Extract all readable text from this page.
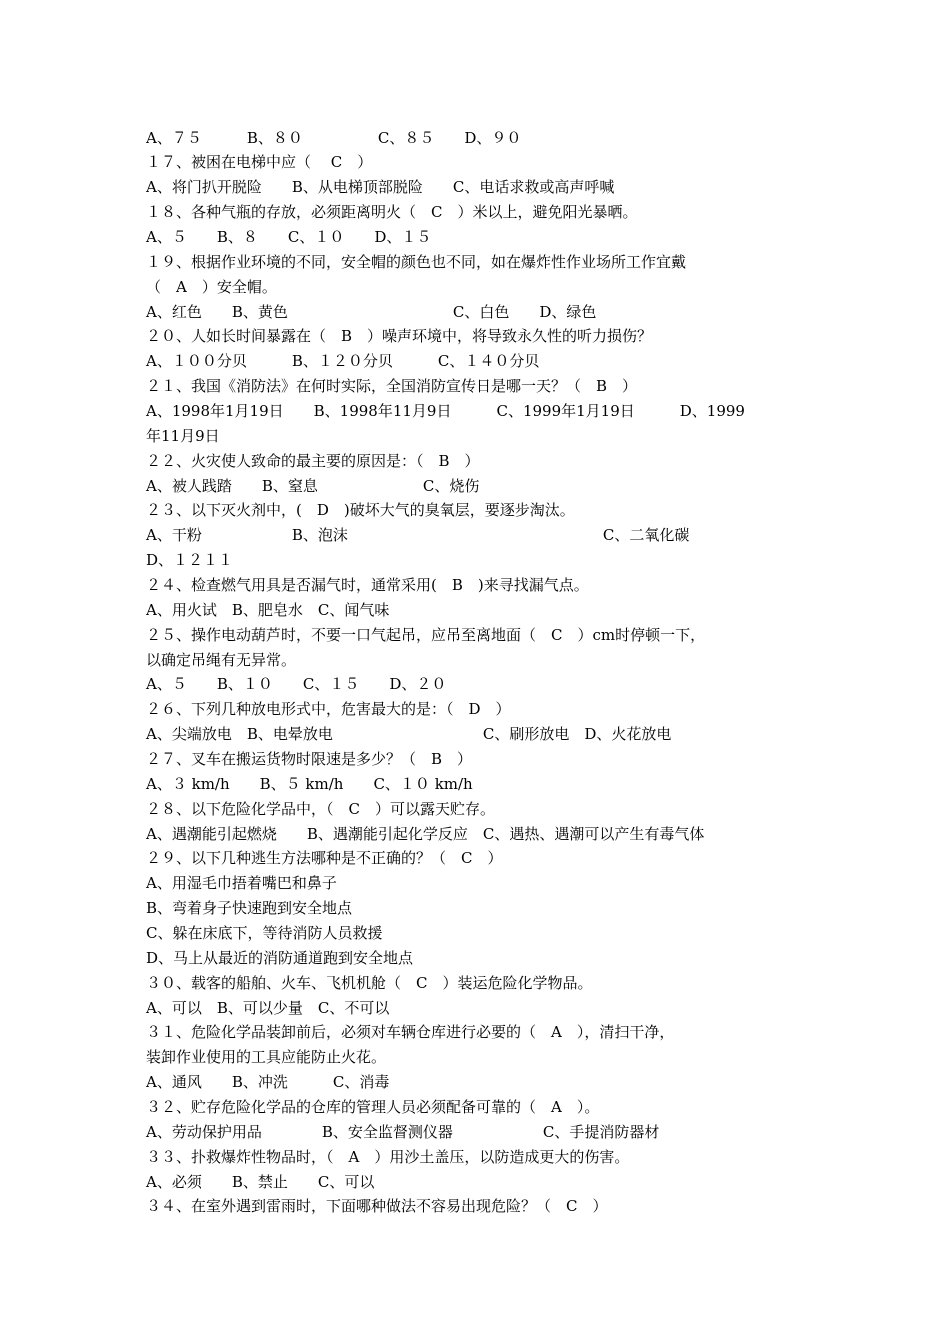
A、７５　　　B、８０　　　　　C、８５　　D、９０

１７、被困在电梯中应（　 C　）

A、将门扒开脱险　　B、从电梯顶部脱险　　C、电话求救或高声呼喊

１８、各种气瓶的存放，必须距离明火（　C　）米以上，避免阳光暴晒。

A、５　　B、８　　C、１０　　D、１５

１９、根据作业环境的不同，安全帽的颜色也不同，如在爆炸性作业场所工作宜戴

（　A　）安全帽。

A、红色　　B、黄色　　　　　　　　　　　C、白色　　D、绿色

２０、人如长时间暴露在（　B　）噪声环境中，将导致永久性的听力损伤？

A、１００分贝　　　B、１２０分贝　　　C、１４０分贝

２１、我国《消防法》在何时实际，全国消防宣传日是哪一天？（　B　）

A、1998年1月19日　　B、1998年11月9日　　　C、1999年1月19日　　　D、1999

年11月9日

２２、火灾使人致命的最主要的原因是：（　B　）

A、被人践踏　　B、窒息　　　　　　　C、烧伤

２３、以下灭火剂中，(　D　)破坏大气的臭氧层，要逐步淘汰。

A、干粉　　　　　　B、泡沫　　　　　　　　　　　　　　　　　C、二氧化碳

D、１２１１

２４、检查燃气用具是否漏气时，通常采用(　B　)来寻找漏气点。

A、用火试　B、肥皂水　C、闻气味

２５、操作电动葫芦时，不要一口气起吊，应吊至离地面（　C　）cm时停顿一下，

以确定吊绳有无异常。

A、５　　B、１０　　C、１５　　D、２０

２６、下列几种放电形式中，危害最大的是：（　D　）

A、尖端放电　B、电晕放电　　　　　　　　　　C、刷形放电　D、火花放电

２７、叉车在搬运货物时限速是多少？（　B　）

A、３ km/h　　B、５ km/h　　C、１０ km/h

２８、以下危险化学品中，（　C　）可以露天贮存。

A、遇潮能引起燃烧　　B、遇潮能引起化学反应　C、遇热、遇潮可以产生有毒气体

２９、以下几种逃生方法哪种是不正确的？（　C　）

A、用湿毛巾捂着嘴巴和鼻子

B、弯着身子快速跑到安全地点

C、躲在床底下，等待消防人员救援

D、马上从最近的消防通道跑到安全地点

３０、载客的船舶、火车、飞机机舱（　C　）装运危险化学物品。

A、可以　B、可以少量　C、不可以

３１、危险化学品装卸前后，必须对车辆仓库进行必要的（　A　），清扫干净，

装卸作业使用的工具应能防止火花。

A、通风　　B、冲洗　　　C、消毒

３２、贮存危险化学品的仓库的管理人员必须配备可靠的（　A　）。

A、劳动保护用品　　　　B、安全监督测仪器　　　　　　C、手提消防器材

３３、扑救爆炸性物品时，（　A　）用沙土盖压，以防造成更大的伤害。

A、必须　　B、禁止　　C、可以

３４、在室外遇到雷雨时，下面哪种做法不容易出现危险？（　C　）
